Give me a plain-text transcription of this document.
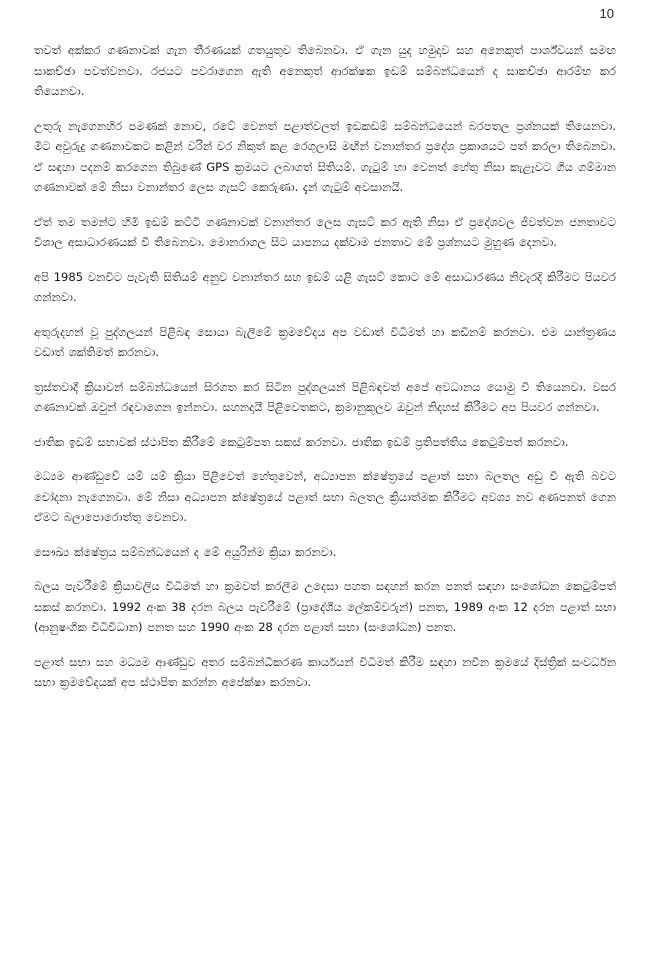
10

තවත් අක්කර ගණනාවක් ගැන තීරණයක් ගතයුතුව තිබෙනවා. ඒ ගැන යුද හමුදාව සහ අනෙකුත් පාර්ශ්වයන් සමඟ සාකච්ඡා පවත්වනවා. රජයට පවරාගෙන ඇති අනෙකුත් ආරක්ෂක ඉඩම් සම්බන්ධයෙන් ද සාකච්ඡා ආරම්භ කර තියෙනවා.

උතුරු නැගෙනහිර පමණක් නොව, රටේ වෙනත් පළාත්වලත් ඉඩකඩම් සම්බන්ධයෙන් බරපතල ප්‍රශ්නයක් තියෙනවා. මීට අවුරුදු ගණනාවකට කළින් වරින් වර නිකුත් කළ රෙගුලාසි මඟින් වනාන්තර ප්‍රදේශ ප්‍රකාශයට පත් කරලා තිබෙනවා. ඒ සඳහා පදනම් කරගෙන තිබුණේ GPS ක්‍රමයට ලබාගත් සිතියම්. ගැටුම් හා වෙනත් හේතු නිසා කැළෑවට ගිය ගම්මාන ගණනාවක් මේ නිසා වනාන්තර ලෙස ගැසට් කෙරුණා. දැන් ගැටුම් අවසානයි.

ඒත් තම තමන්ට හිමි ඉඩම් කට්ටි ගණනාවක් වනාන්තර ලෙස ගැසට් කර ඇති නිසා ඒ ප්‍රදේශවල ජීවත්වන ජනතාවට විශාල අසාධාරණයක් වී තිබෙනවා. මොනරාගල සිට යාපනය දක්වාම ජනතාව මේ ප්‍රශ්නයට මුහුණ දෙනවා.

අපි 1985 වනවිට පැවැති සිතියම් අනුව වනාන්තර සහ ඉඩම් යළි ගැසට් කොට මේ අසාධාරණය නිවැරදි කිරීමට පියවර ගන්නවා.

අතුරුදහන් වූ පුද්ගලයන් පිළිබඳ සොයා බැලීමේ ක්‍රමවේදය අප වඩාත් විධිමත් හා කඩිනම් කරනවා. එම යාන්ත්‍රණය වඩාත් ශක්තිමත් කරනවා.

ත්‍රස්තවාදී ක්‍රියාවන් සම්බන්ධයෙන් සිරගත කර සිටින පුද්ගලයන් පිළිබඳවත් අපේ අවධානය යොමු වී තියෙනවා. වසර ගණනාවක් ඔවුන් රඳවාගෙන ඉන්නවා. සහනදායී පිළිවෙතකට, ක්‍රමානුකූලව ඔවුන් නිදහස් කිරීමට අප පියවර ගන්නවා.

ජාතික ඉඩම් සභාවක් ස්ථාපිත කිරීමේ කෙටුම්පත සකස් කරනවා. ජාතික ඉඩම් ප්‍රතිපත්තිය කෙටුම්පත් කරනවා.

මධ්‍යම ආණ්ඩුවේ යම් යම් ක්‍රියා පිළිවෙත් හේතුවෙන්, අධ්‍යාපන ක්ෂේත්‍රයේ පළාත් සභා බලතල අඩු වී ඇති බවට චෝදනා නැගෙනවා. මේ නිසා අධ්‍යාපන ක්ෂේත්‍රයේ පළාත් සභා බලතල ක්‍රියාත්මක කිරීමට අවශ්‍ය නව අණපනත් ගෙන ඒමට බලාපොරොත්තු වෙනවා.

සෞඛ්‍ය ක්ෂේත්‍රය සම්බන්ධයෙන් ද මේ අයුරින්ම ක්‍රියා කරනවා.

බලය පැවරීමේ ක්‍රියාවලිය විධිමත් හා ක්‍රමවත් කරලීම උදෙසා පහත සඳහන් කරන පනත් සඳහා සංශෝධන කෙටුම්පත් සකස් කරනවා. 1992 අංක 38 දරන බලය පැවරීමේ (ප්‍රාදේශීය ලේකම්වරුන්) පනත, 1989 අංක 12 දරන පළාත් සභා (ආනුෂංගික විධිවිධාන) පනත සහ 1990 අංක 28 දරන පළාත් සභා (සංශෝධන) පනත.

පළාත් සභා සහ මධ්‍යම ආණ්ඩුව අතර සම්බන්ධීකරණ කාර්යයන් විධිමත් කිරීම සඳහා නවීන ක්‍රමයේ දිස්ත්‍රික් සංවර්ධන සභා ක්‍රමවේදයක් අප ස්ථාපිත කරන්න අපේක්ෂා කරනවා.
